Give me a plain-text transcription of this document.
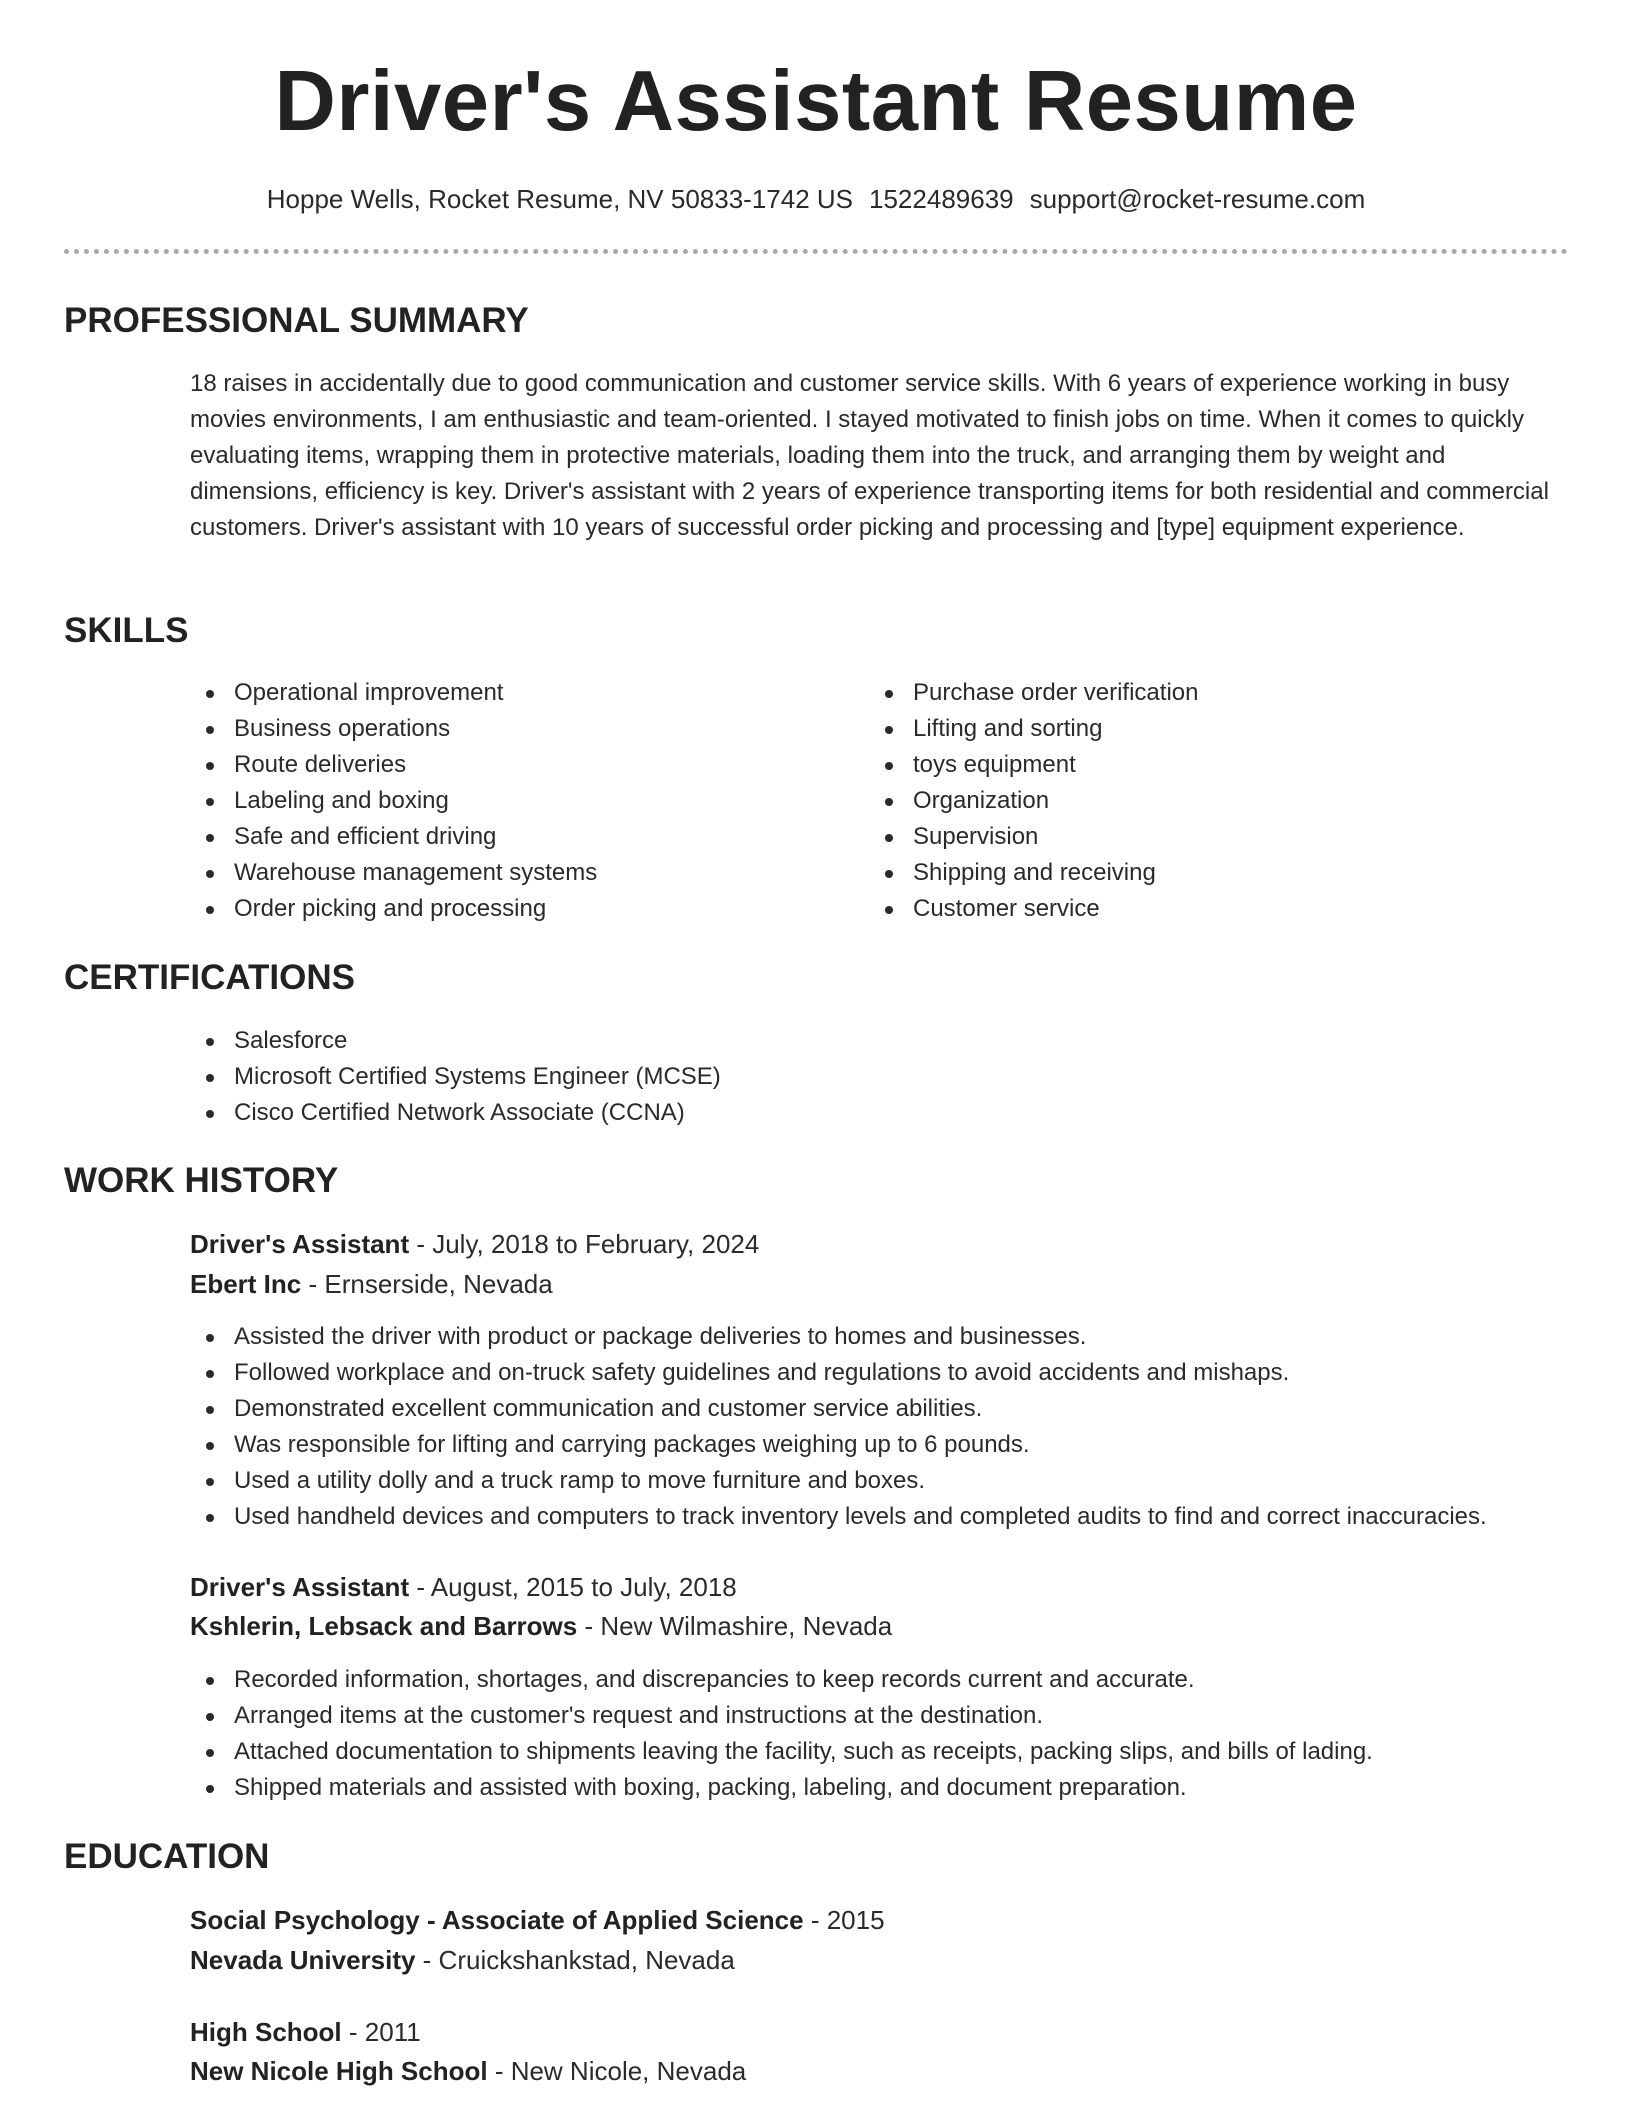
Driver's Assistant Resume
Hoppe Wells, Rocket Resume, NV 50833-1742 US 1522489639 support@rocket-resume.com
PROFESSIONAL SUMMARY
18 raises in accidentally due to good communication and customer service skills. With 6 years of experience working in busy movies environments, I am enthusiastic and team-oriented. I stayed motivated to finish jobs on time. When it comes to quickly evaluating items, wrapping them in protective materials, loading them into the truck, and arranging them by weight and dimensions, efficiency is key. Driver's assistant with 2 years of experience transporting items for both residential and commercial customers. Driver's assistant with 10 years of successful order picking and processing and [type] equipment experience.
SKILLS
Operational improvement
Business operations
Route deliveries
Labeling and boxing
Safe and efficient driving
Warehouse management systems
Order picking and processing
Purchase order verification
Lifting and sorting
toys equipment
Organization
Supervision
Shipping and receiving
Customer service
CERTIFICATIONS
Salesforce
Microsoft Certified Systems Engineer (MCSE)
Cisco Certified Network Associate (CCNA)
WORK HISTORY
Driver's Assistant - July, 2018 to February, 2024
Ebert Inc - Ernserside, Nevada
Assisted the driver with product or package deliveries to homes and businesses.
Followed workplace and on-truck safety guidelines and regulations to avoid accidents and mishaps.
Demonstrated excellent communication and customer service abilities.
Was responsible for lifting and carrying packages weighing up to 6 pounds.
Used a utility dolly and a truck ramp to move furniture and boxes.
Used handheld devices and computers to track inventory levels and completed audits to find and correct inaccuracies.
Driver's Assistant - August, 2015 to July, 2018
Kshlerin, Lebsack and Barrows - New Wilmashire, Nevada
Recorded information, shortages, and discrepancies to keep records current and accurate.
Arranged items at the customer's request and instructions at the destination.
Attached documentation to shipments leaving the facility, such as receipts, packing slips, and bills of lading.
Shipped materials and assisted with boxing, packing, labeling, and document preparation.
EDUCATION
Social Psychology - Associate of Applied Science - 2015
Nevada University - Cruickshankstad, Nevada
High School - 2011
New Nicole High School - New Nicole, Nevada
